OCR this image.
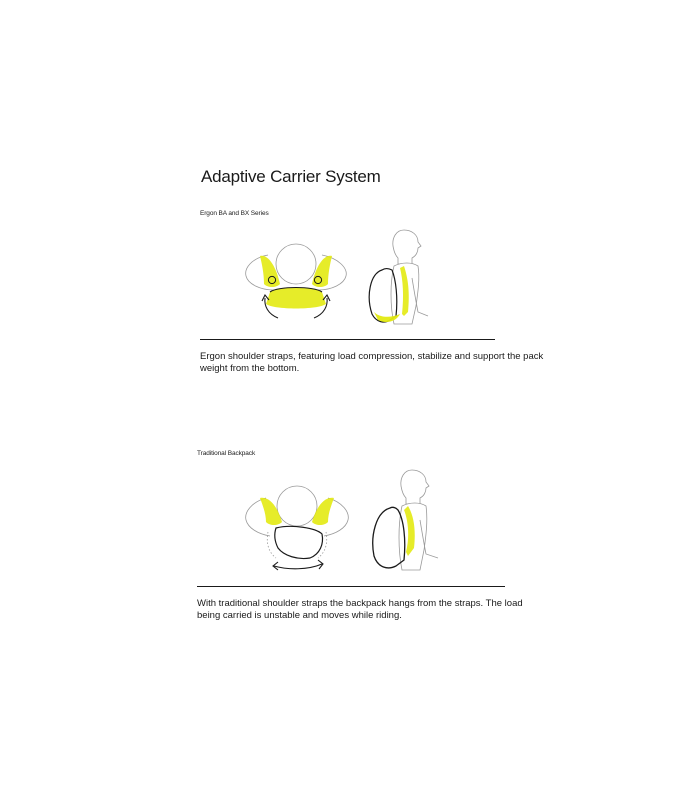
Adaptive Carrier System

Ergon BA and BX Series

Ergon shoulder straps, featuring load compression, stabilize and support the pack

weight from the bottom.

Traditional Backpack

With traditional shoulder straps the backpack hangs from the straps. The load

being carried is unstable and moves while riding.
